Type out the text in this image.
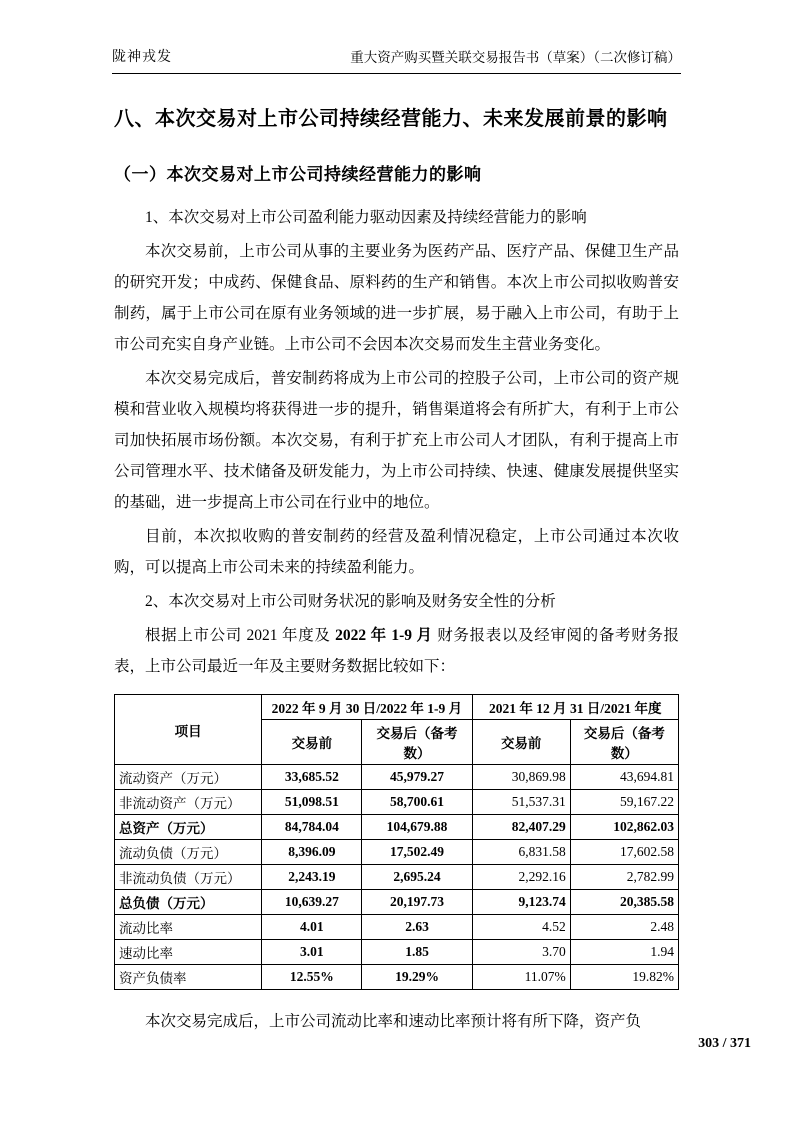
陇神戎发	重大资产购买暨关联交易报告书（草案）（二次修订稿）
八、本次交易对上市公司持续经营能力、未来发展前景的影响
（一）本次交易对上市公司持续经营能力的影响

1、本次交易对上市公司盈利能力驱动因素及持续经营能力的影响

本次交易前，上市公司从事的主要业务为医药产品、医疗产品、保健卫生产品的研究开发；中成药、保健食品、原料药的生产和销售。本次上市公司拟收购普安制药，属于上市公司在原有业务领域的进一步扩展，易于融入上市公司，有助于上市公司充实自身产业链。上市公司不会因本次交易而发生主营业务变化。

本次交易完成后，普安制药将成为上市公司的控股子公司，上市公司的资产规模和营业收入规模均将获得进一步的提升，销售渠道将会有所扩大，有利于上市公司加快拓展市场份额。本次交易，有利于扩充上市公司人才团队，有利于提高上市公司管理水平、技术储备及研发能力，为上市公司持续、快速、健康发展提供坚实的基础，进一步提高上市公司在行业中的地位。

目前，本次拟收购的普安制药的经营及盈利情况稳定，上市公司通过本次收购，可以提高上市公司未来的持续盈利能力。

2、本次交易对上市公司财务状况的影响及财务安全性的分析

根据上市公司 2021 年度及 2022 年 1-9 月 财务报表以及经审阅的备考财务报表，上市公司最近一年及主要财务数据比较如下：

项目	2022 年 9 月 30 日/2022 年 1-9 月		2021 年 12 月 31 日/2021 年度	
	交易前	交易后（备考数）	交易前	交易后（备考数）
流动资产（万元）	33,685.52	45,979.27	30,869.98	43,694.81
非流动资产（万元）	51,098.51	58,700.61	51,537.31	59,167.22
总资产（万元）	84,784.04	104,679.88	82,407.29	102,862.03
流动负债（万元）	8,396.09	17,502.49	6,831.58	17,602.58
非流动负债（万元）	2,243.19	2,695.24	2,292.16	2,782.99
总负债（万元）	10,639.27	20,197.73	9,123.74	20,385.58
流动比率	4.01	2.63	4.52	2.48
速动比率	3.01	1.85	3.70	1.94
资产负债率	12.55%	19.29%	11.07%	19.82%

本次交易完成后，上市公司流动比率和速动比率预计将有所下降，资产负

303 / 371
